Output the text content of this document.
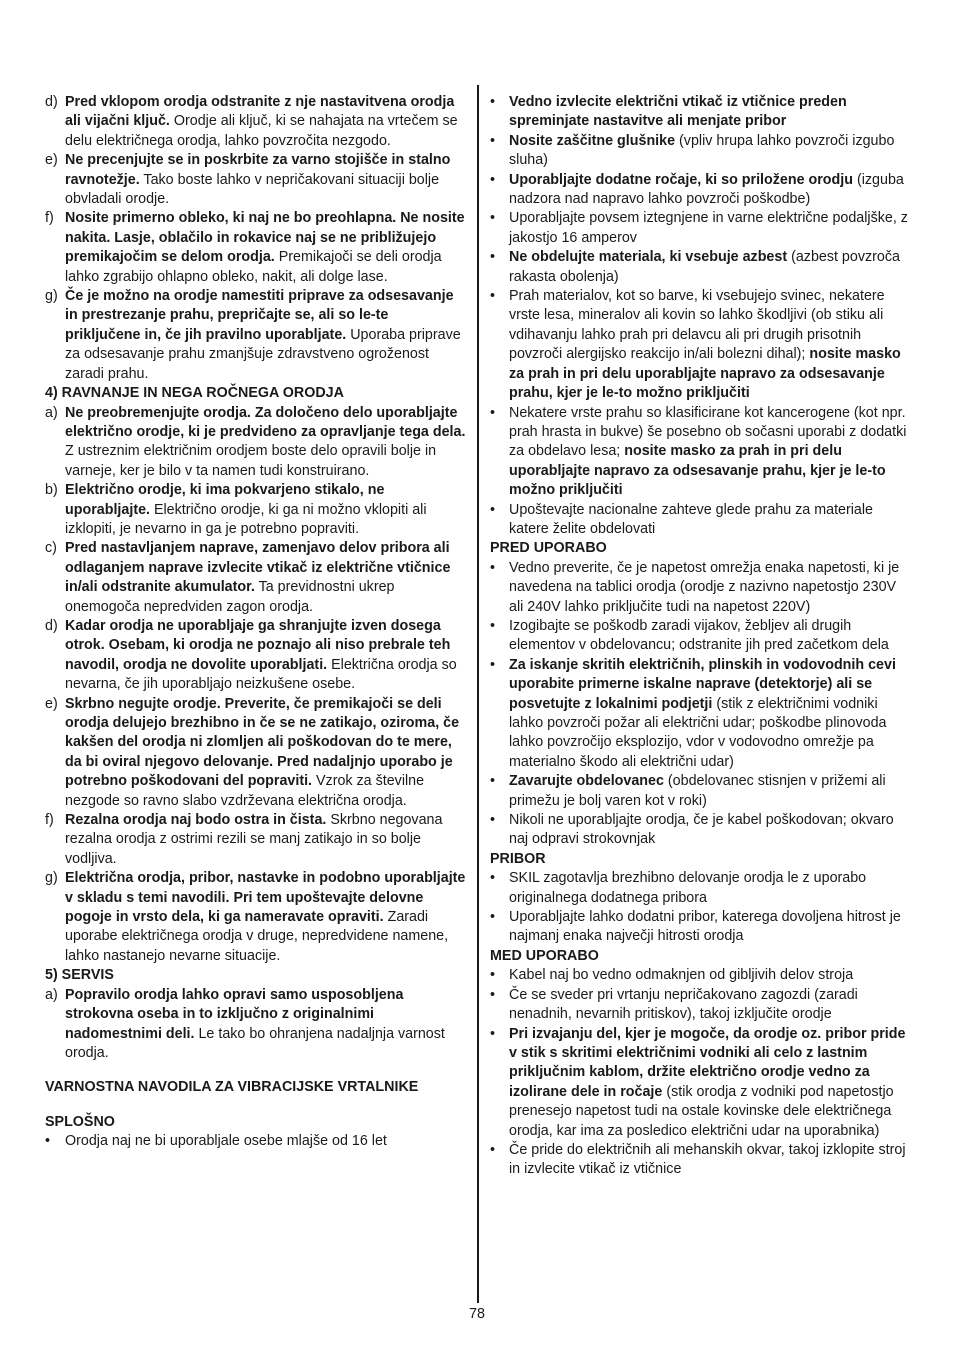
d) Pred vklopom orodja odstranite z nje nastavitvena orodja ali vijačni ključ. Orodje ali ključ, ki se nahajata na vrtečem se delu električnega orodja, lahko povzročita nezgodo.
e) Ne precenjujte se in poskrbite za varno stojišče in stalno ravnotežje. Tako boste lahko v nepričakovani situaciji bolje obvladali orodje.
f) Nosite primerno obleko, ki naj ne bo preohlapna. Ne nosite nakita. Lasje, oblačilo in rokavice naj se ne približujejo premikajočim se delom orodja. Premikajoči se deli orodja lahko zgrabijo ohlapno obleko, nakit, ali dolge lase.
g) Če je možno na orodje namestiti priprave za odsesavanje in prestrezanje prahu, prepričajte se, ali so le-te priključene in, če jih pravilno uporabljate. Uporaba priprave za odsesavanje prahu zmanjšuje zdravstveno ogroženost zaradi prahu.
4) RAVNANJE IN NEGA ROČNEGA ORODJA
a) Ne preobremenjujte orodja. Za določeno delo uporabljajte električno orodje, ki je predvideno za opravljanje tega dela. Z ustreznim električnim orodjem boste delo opravili bolje in varneje, ker je bilo v ta namen tudi konstruirano.
b) Električno orodje, ki ima pokvarjeno stikalo, ne uporabljajte. Električno orodje, ki ga ni možno vklopiti ali izklopiti, je nevarno in ga je potrebno popraviti.
c) Pred nastavljanjem naprave, zamenjavo delov pribora ali odlaganjem naprave izvlecite vtikač iz električne vtičnice in/ali odstranite akumulator. Ta previdnostni ukrep onemogoča nepredviden zagon orodja.
d) Kadar orodja ne uporabljaje ga shranjujte izven dosega otrok. Osebam, ki orodja ne poznajo ali niso prebrale teh navodil, orodja ne dovolite uporabljati. Električna orodja so nevarna, če jih uporabljajo neizkušene osebe.
e) Skrbno negujte orodje. Preverite, če premikajoči se deli orodja delujejo brezhibno in če se ne zatikajo, oziroma, če kakšen del orodja ni zlomljen ali poškodovan do te mere, da bi oviral njegovo delovanje. Pred nadaljnjo uporabo je potrebno poškodovani del popraviti. Vzrok za številne nezgode so ravno slabo vzdrževana električna orodja.
f) Rezalna orodja naj bodo ostra in čista. Skrbno negovana rezalna orodja z ostrimi rezili se manj zatikajo in so bolje vodljiva.
g) Električna orodja, pribor, nastavke in podobno uporabljajte v skladu s temi navodili. Pri tem upoštevajte delovne pogoje in vrsto dela, ki ga nameravate opraviti. Zaradi uporabe električnega orodja v druge, nepredvidene namene, lahko nastanejo nevarne situacije.
5) SERVIS
a) Popravilo orodja lahko opravi samo usposobljena strokovna oseba in to izključno z originalnimi nadomestnimi deli. Le tako bo ohranjena nadaljnja varnost orodja.
VARNOSTNA NAVODILA ZA VIBRACIJSKE VRTALNIKE
SPLOŠNO
• Orodja naj ne bi uporabljale osebe mlajše od 16 let
• Vedno izvlecite električni vtikač iz vtičnice preden spreminjate nastavitve ali menjate pribor
• Nosite zaščitne glušnike (vpliv hrupa lahko povzroči izgubo sluha)
• Uporabljajte dodatne ročaje, ki so priložene orodju (izguba nadzora nad napravo lahko povzroči poškodbe)
• Uporabljajte povsem iztegnjene in varne električne podaljške, z jakostjo 16 amperov
• Ne obdelujte materiala, ki vsebuje azbest (azbest povzroča rakasta obolenja)
• Prah materialov, kot so barve, ki vsebujejo svinec, nekatere vrste lesa, mineralov ali kovin so lahko škodljivi (ob stiku ali vdihavanju lahko prah pri delavcu ali pri drugih prisotnih povzroči alergijsko reakcijo in/ali bolezni dihal); nosite masko za prah in pri delu uporabljajte napravo za odsesavanje prahu, kjer je le-to možno priključiti
• Nekatere vrste prahu so klasificirane kot kancerogene (kot npr. prah hrasta in bukve) še posebno ob sočasni uporabi z dodatki za obdelavo lesa; nosite masko za prah in pri delu uporabljajte napravo za odsesavanje prahu, kjer je le-to možno priključiti
• Upoštevajte nacionalne zahteve glede prahu za materiale katere želite obdelovati
PRED UPORABO
• Vedno preverite, če je napetost omrežja enaka napetosti, ki je navedena na tablici orodja (orodje z nazivno napetostjo 230V ali 240V lahko priključite tudi na napetost 220V)
• Izogibajte se poškodb zaradi vijakov, žebljev ali drugih elementov v obdelovancu; odstranite jih pred začetkom dela
• Za iskanje skritih električnih, plinskih in vodovodnih cevi uporabite primerne iskalne naprave (detektorje) ali se posvetujte z lokalnimi podjetji (stik z električnimi vodniki lahko povzroči požar ali električni udar; poškodbe plinovoda lahko povzročijo eksplozijo, vdor v vodovodno omrežje pa materialno škodo ali električni udar)
• Zavarujte obdelovanec (obdelovanec stisnjen v prižemi ali primežu je bolj varen kot v roki)
• Nikoli ne uporabljajte orodja, če je kabel poškodovan; okvaro naj odpravi strokovnjak
PRIBOR
• SKIL zagotavlja brezhibno delovanje orodja le z uporabo originalnega dodatnega pribora
• Uporabljajte lahko dodatni pribor, katerega dovoljena hitrost je najmanj enaka največji hitrosti orodja
MED UPORABO
• Kabel naj bo vedno odmaknjen od gibljivih delov stroja
• Če se sveder pri vrtanju nepričakovano zagozdi (zaradi nenadnih, nevarnih pritiskov), takoj izključite orodje
• Pri izvajanju del, kjer je mogoče, da orodje oz. pribor pride v stik s skritimi električnimi vodniki ali celo z lastnim priključnim kablom, držite električno orodje vedno za izolirane dele in ročaje (stik orodja z vodniki pod napetostjo prenesejo napetost tudi na ostale kovinske dele električnega orodja, kar ima za posledico električni udar na uporabnika)
• Če pride do električnih ali mehanskih okvar, takoj izklopite stroj in izvlecite vtikač iz vtičnice
78
